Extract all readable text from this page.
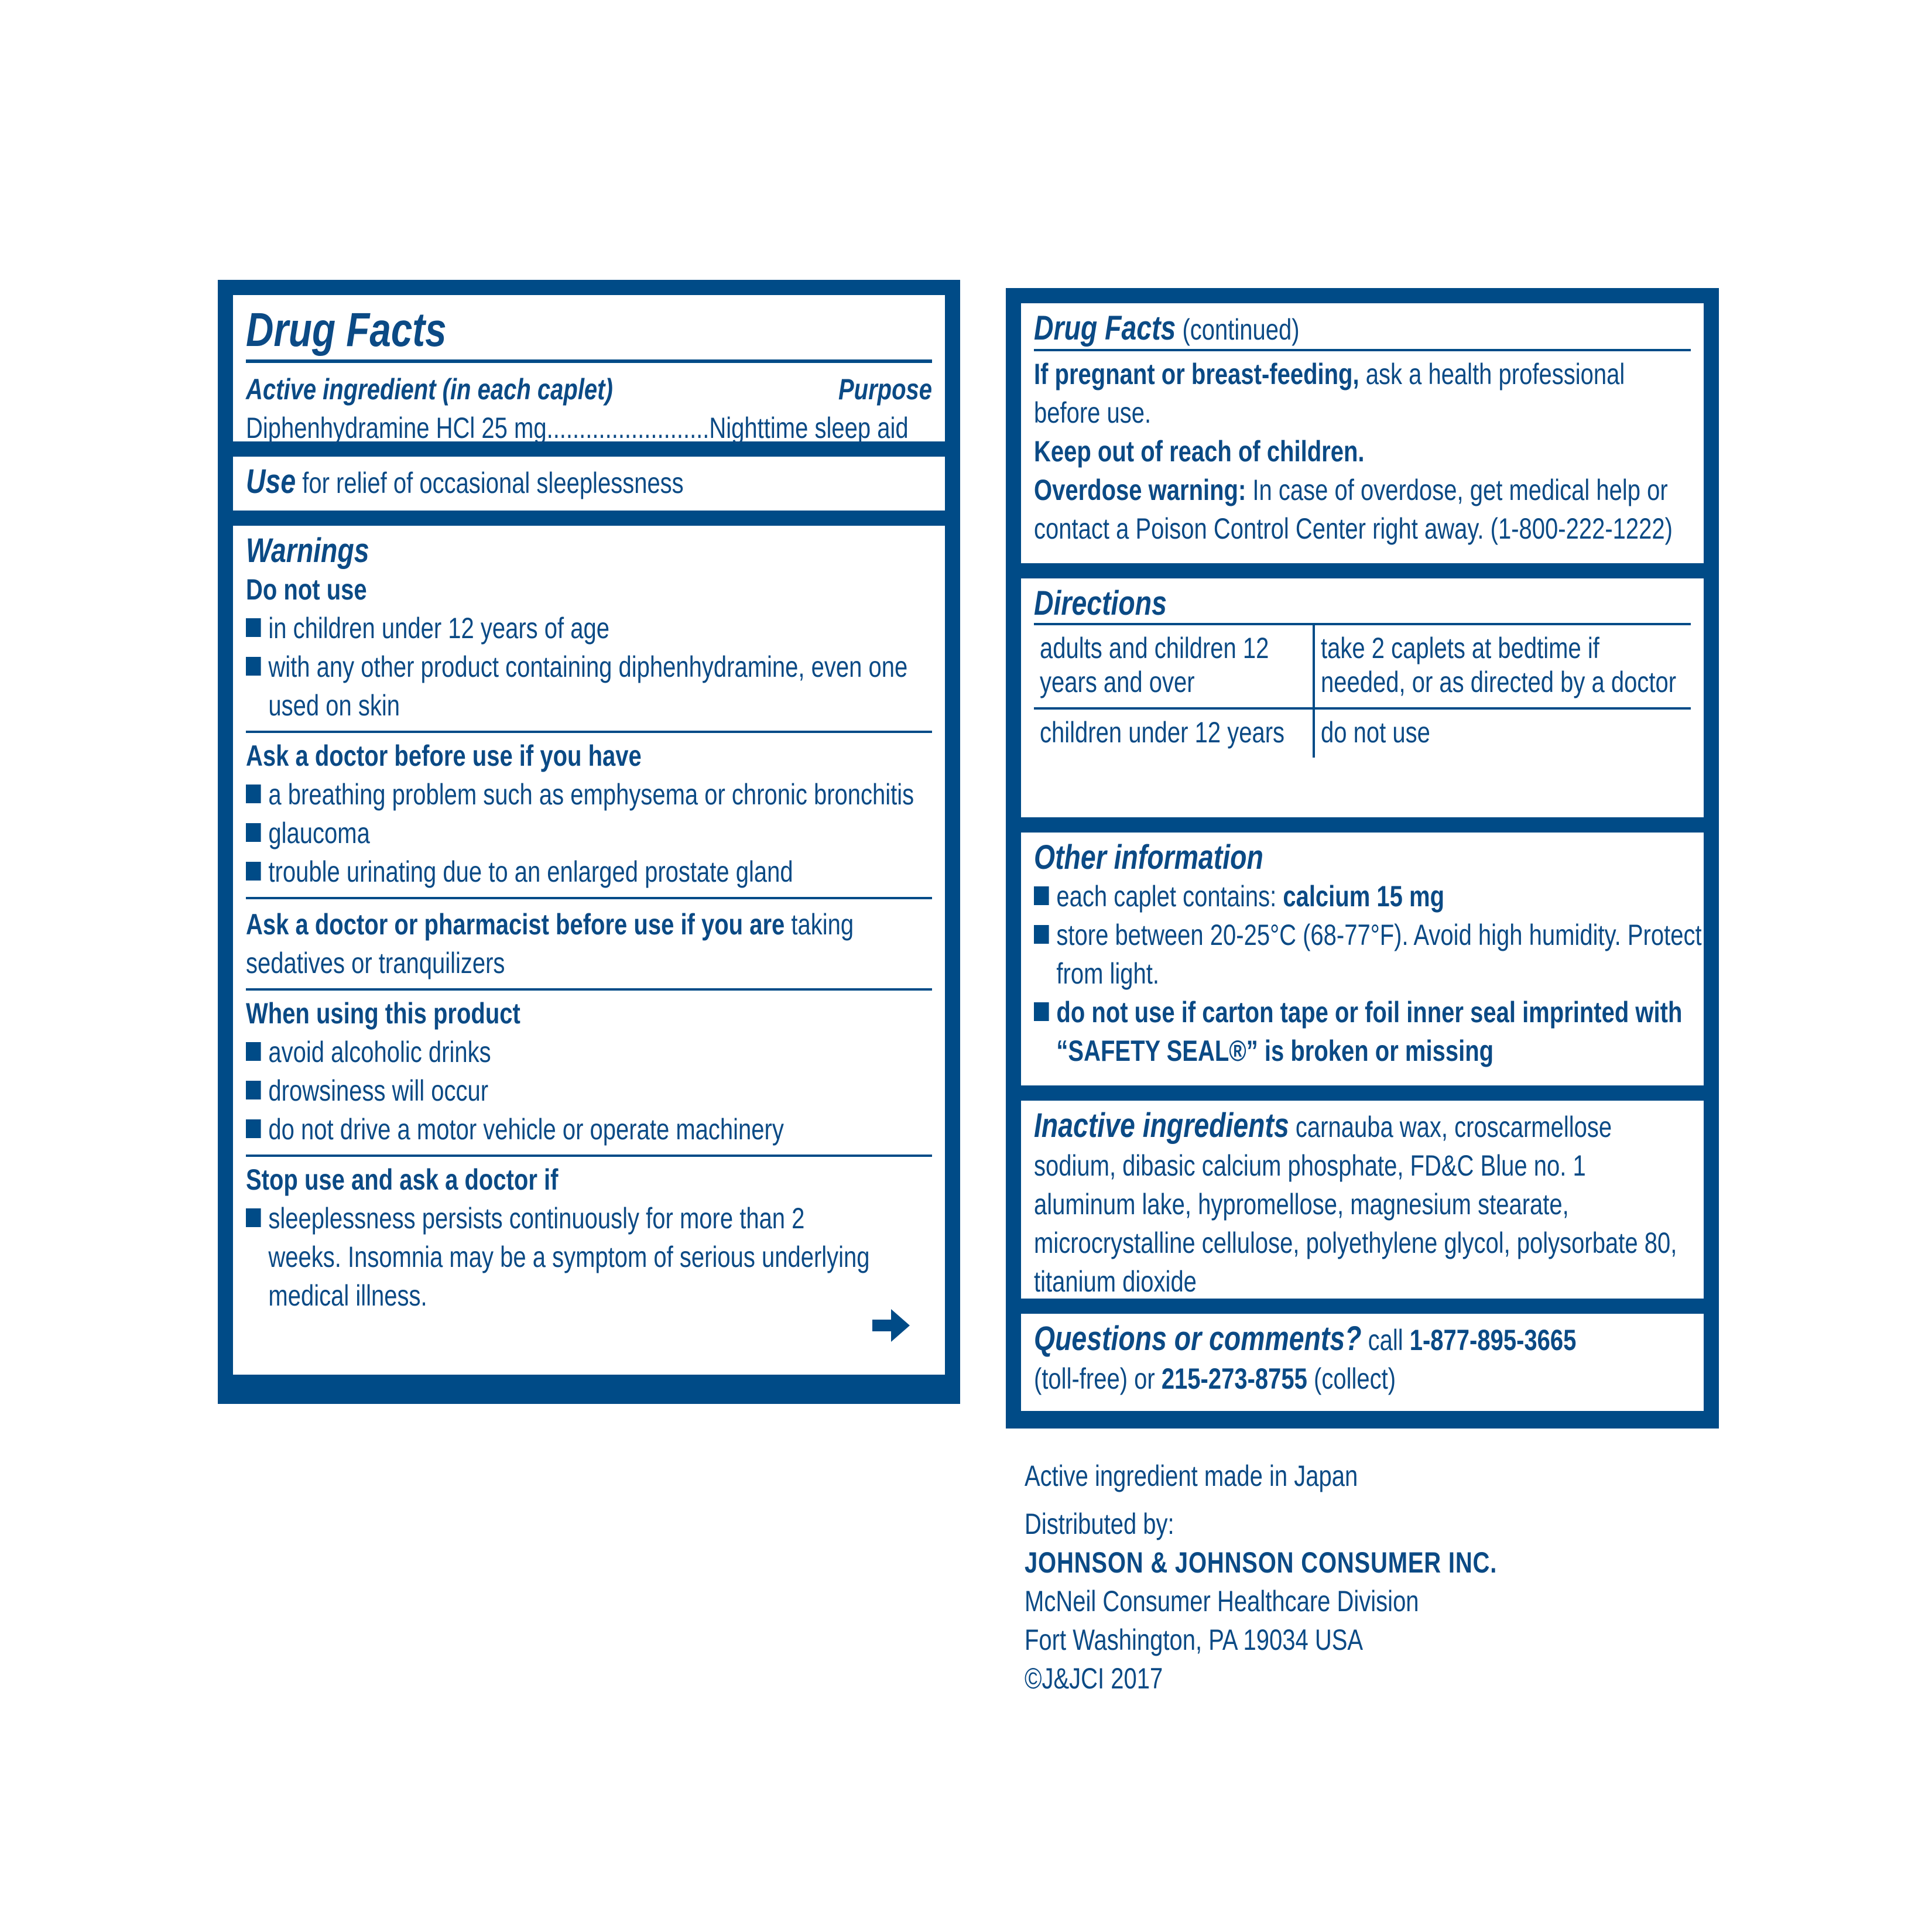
Drug Facts
Active ingredient (in each caplet)	Purpose
Diphenhydramine HCl 25 mg.........................Nighttime sleep aid
Use for relief of occasional sleeplessness
Warnings
Do not use
in children under 12 years of age
with any other product containing diphenhydramine, even one used on skin
Ask a doctor before use if you have
a breathing problem such as emphysema or chronic bronchitis
glaucoma
trouble urinating due to an enlarged prostate gland
Ask a doctor or pharmacist before use if you are taking sedatives or tranquilizers
When using this product
avoid alcoholic drinks
drowsiness will occur
do not drive a motor vehicle or operate machinery
Stop use and ask a doctor if
sleeplessness persists continuously for more than 2 weeks. Insomnia may be a symptom of serious underlying medical illness.
Drug Facts (continued)
If pregnant or breast-feeding, ask a health professional before use.
Keep out of reach of children.
Overdose warning: In case of overdose, get medical help or contact a Poison Control Center right away. (1-800-222-1222)
Directions
adults and children 12 years and over
take 2 caplets at bedtime if needed, or as directed by a doctor
children under 12 years	do not use
Other information
each caplet contains: calcium 15 mg
store between 20-25°C (68-77°F). Avoid high humidity. Protect from light.
do not use if carton tape or foil inner seal imprinted with “SAFETY SEAL®” is broken or missing
Inactive ingredients carnauba wax, croscarmellose sodium, dibasic calcium phosphate, FD&C Blue no. 1 aluminum lake, hypromellose, magnesium stearate, microcrystalline cellulose, polyethylene glycol, polysorbate 80, titanium dioxide
Questions or comments? call 1-877-895-3665
(toll-free) or 215-273-8755 (collect)
Active ingredient made in Japan
Distributed by:
JOHNSON & JOHNSON CONSUMER INC.
McNeil Consumer Healthcare Division
Fort Washington, PA 19034 USA
©J&JCI 2017
